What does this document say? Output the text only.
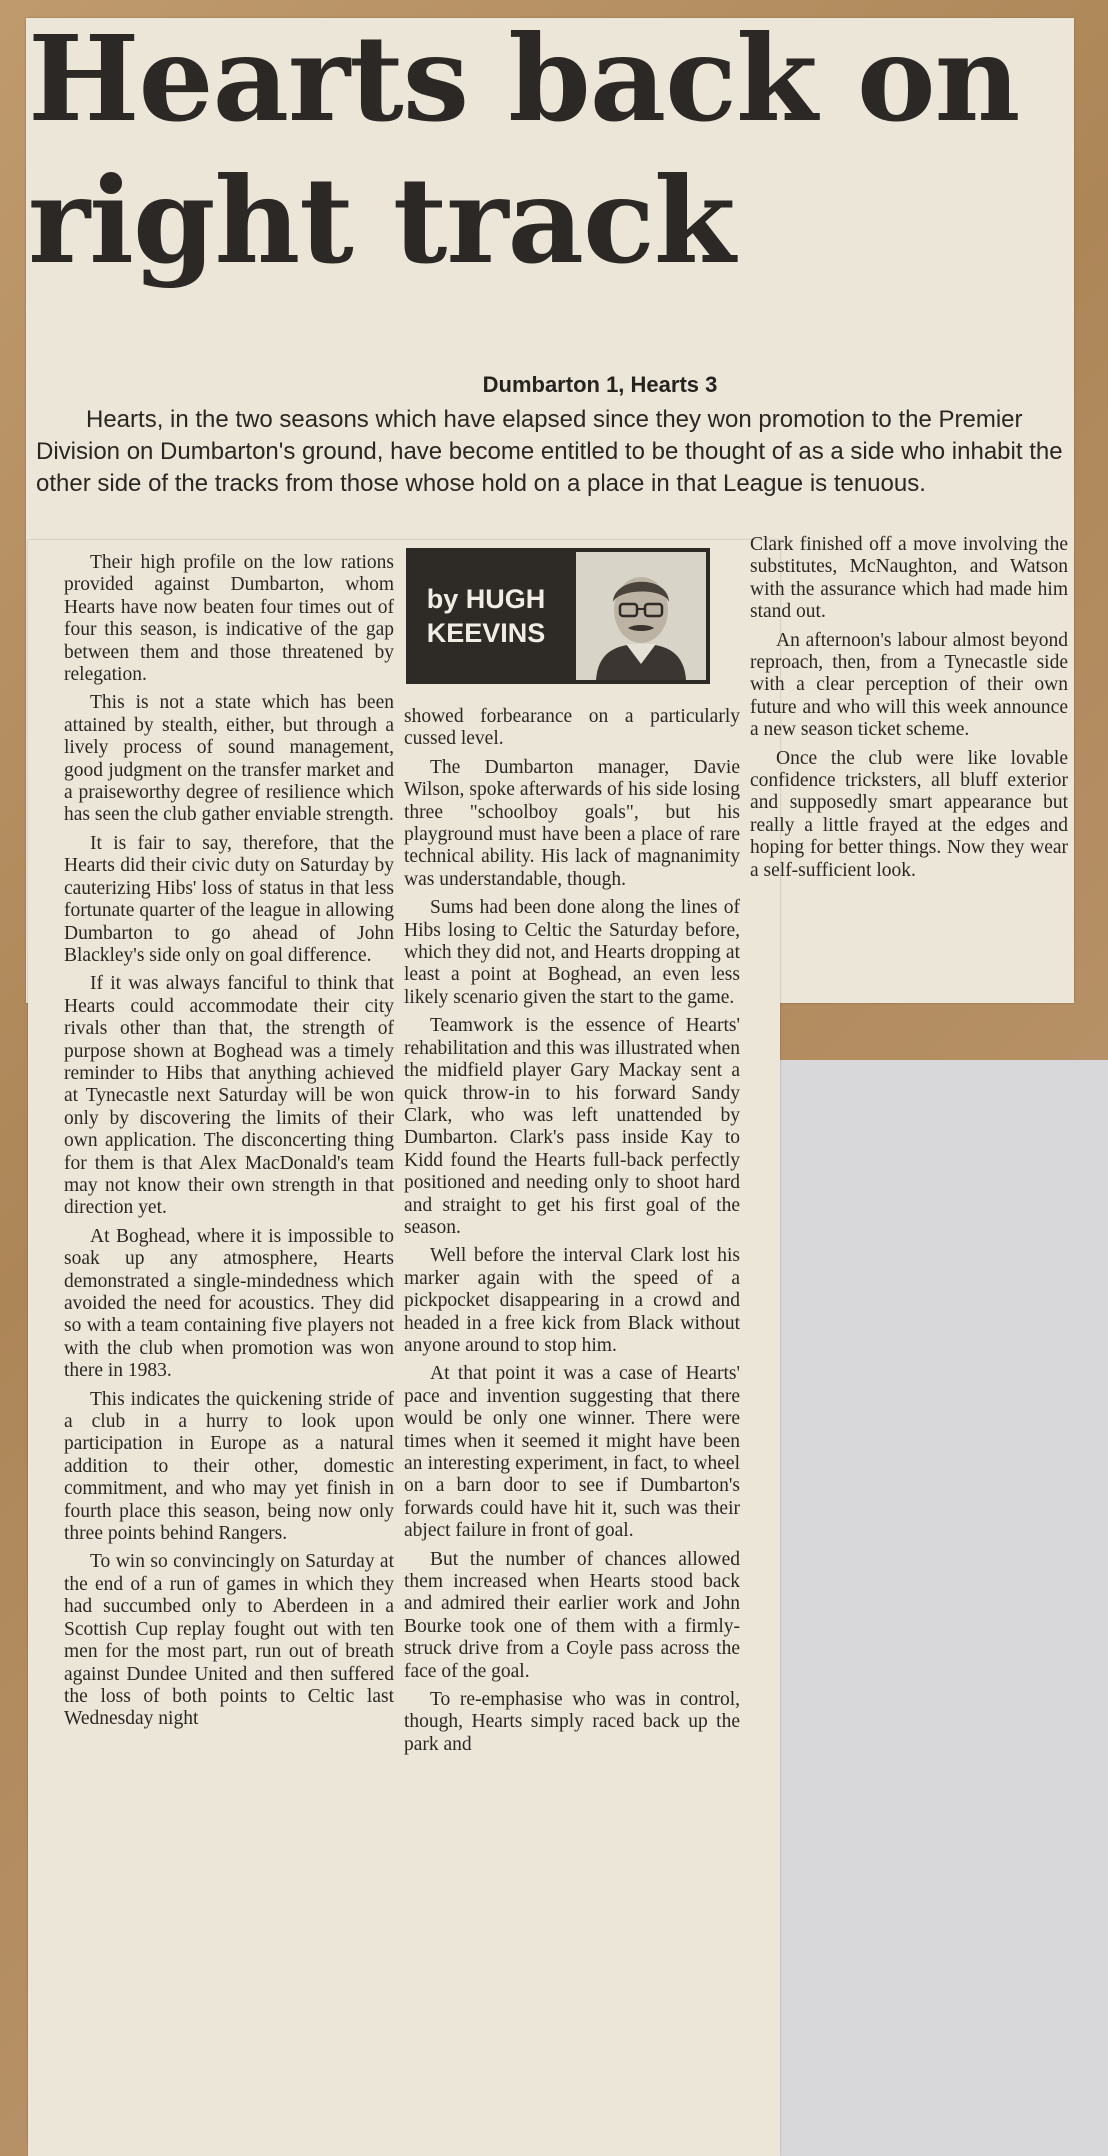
Hearts back on right track
Dumbarton 1, Hearts 3

Hearts, in the two seasons which have elapsed since they won promotion to the Premier Division on Dumbarton's ground, have become entitled to be thought of as a side who inhabit the other side of the tracks from those whose hold on a place in that League is tenuous.

by HUGH
KEEVINS

Their high profile on the low rations provided against Dumbarton, whom Hearts have now beaten four times out of four this season, is indicative of the gap between them and those threatened by relegation.

This is not a state which has been attained by stealth, either, but through a lively process of sound management, good judgment on the transfer market and a praiseworthy degree of resilience which has seen the club gather enviable strength.

It is fair to say, therefore, that the Hearts did their civic duty on Saturday by cauterizing Hibs' loss of status in that less fortunate quarter of the league in allowing Dumbarton to go ahead of John Blackley's side only on goal difference.

If it was always fanciful to think that Hearts could accommodate their city rivals other than that, the strength of purpose shown at Boghead was a timely reminder to Hibs that anything achieved at Tynecastle next Saturday will be won only by discovering the limits of their own application. The disconcerting thing for them is that Alex MacDonald's team may not know their own strength in that direction yet.

At Boghead, where it is impossible to soak up any atmosphere, Hearts demonstrated a single-mindedness which avoided the need for acoustics. They did so with a team containing five players not with the club when promotion was won there in 1983.

This indicates the quickening stride of a club in a hurry to look upon participation in Europe as a natural addition to their other, domestic commitment, and who may yet finish in fourth place this season, being now only three points behind Rangers.

To win so convincingly on Saturday at the end of a run of games in which they had succumbed only to Aberdeen in a Scottish Cup replay fought out with ten men for the most part, run out of breath against Dundee United and then suffered the loss of both points to Celtic last Wednesday night

showed forbearance on a particularly cussed level.

The Dumbarton manager, Davie Wilson, spoke afterwards of his side losing three "schoolboy goals", but his playground must have been a place of rare technical ability. His lack of magnanimity was understandable, though.

Sums had been done along the lines of Hibs losing to Celtic the Saturday before, which they did not, and Hearts dropping at least a point at Boghead, an even less likely scenario given the start to the game.

Teamwork is the essence of Hearts' rehabilitation and this was illustrated when the midfield player Gary Mackay sent a quick throw-in to his forward Sandy Clark, who was left unattended by Dumbarton. Clark's pass inside Kay to Kidd found the Hearts full-back perfectly positioned and needing only to shoot hard and straight to get his first goal of the season.

Well before the interval Clark lost his marker again with the speed of a pickpocket disappearing in a crowd and headed in a free kick from Black without anyone around to stop him.

At that point it was a case of Hearts' pace and invention suggesting that there would be only one winner. There were times when it seemed it might have been an interesting experiment, in fact, to wheel on a barn door to see if Dumbarton's forwards could have hit it, such was their abject failure in front of goal.

But the number of chances allowed them increased when Hearts stood back and admired their earlier work and John Bourke took one of them with a firmly-struck drive from a Coyle pass across the face of the goal.

To re-emphasise who was in control, though, Hearts simply raced back up the park and

Clark finished off a move involving the substitutes, McNaughton, and Watson with the assurance which had made him stand out.

An afternoon's labour almost beyond reproach, then, from a Tynecastle side with a clear perception of their own future and who will this week announce a new season ticket scheme.

Once the club were like lovable confidence tricksters, all bluff exterior and supposedly smart appearance but really a little frayed at the edges and hoping for better things. Now they wear a self-sufficient look.
